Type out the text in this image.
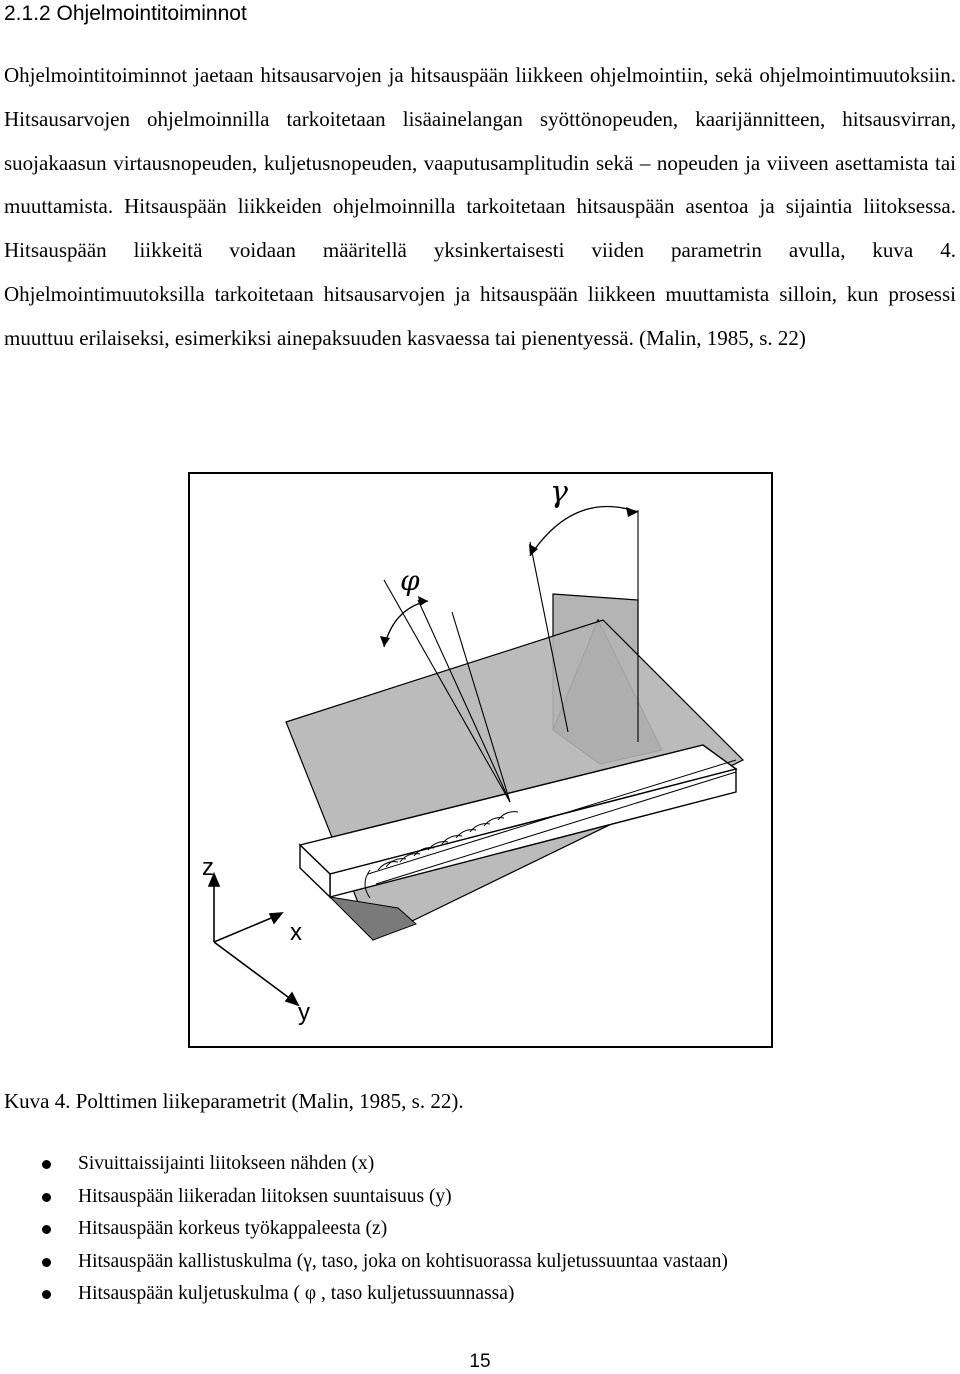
2.1.2 Ohjelmointitoiminnot

Ohjelmointitoiminnot jaetaan hitsausarvojen ja hitsauspään liikkeen ohjelmointiin, sekä ohjelmointimuutoksiin. Hitsausarvojen ohjelmoinnilla tarkoitetaan lisäainelangan syöttönopeuden, kaarijännitteen, hitsausvirran, suojakaasun virtausnopeuden, kuljetusnopeuden, vaaputusamplitudin sekä – nopeuden ja viiveen asettamista tai muuttamista. Hitsauspään liikkeiden ohjelmoinnilla tarkoitetaan hitsauspään asentoa ja sijaintia liitoksessa. Hitsauspään liikkeitä voidaan määritellä yksinkertaisesti viiden parametrin avulla, kuva 4. Ohjelmointimuutoksilla tarkoitetaan hitsausarvojen ja hitsauspään liikkeen muuttamista silloin, kun prosessi muuttuu erilaiseksi, esimerkiksi ainepaksuuden kasvaessa tai pienentyessä. (Malin, 1985, s. 22)

γ
φ
z
x
y
Kuva 4. Polttimen liikeparametrit (Malin, 1985, s. 22).
Sivuittaissijainti liitokseen nähden (x)
Hitsauspään liikeradan liitoksen suuntaisuus (y)
Hitsauspään korkeus työkappaleesta (z)
Hitsauspään kallistuskulma (γ, taso, joka on kohtisuorassa kuljetussuuntaa vastaan)
Hitsauspään kuljetuskulma ( φ , taso kuljetussuunnassa)
15
